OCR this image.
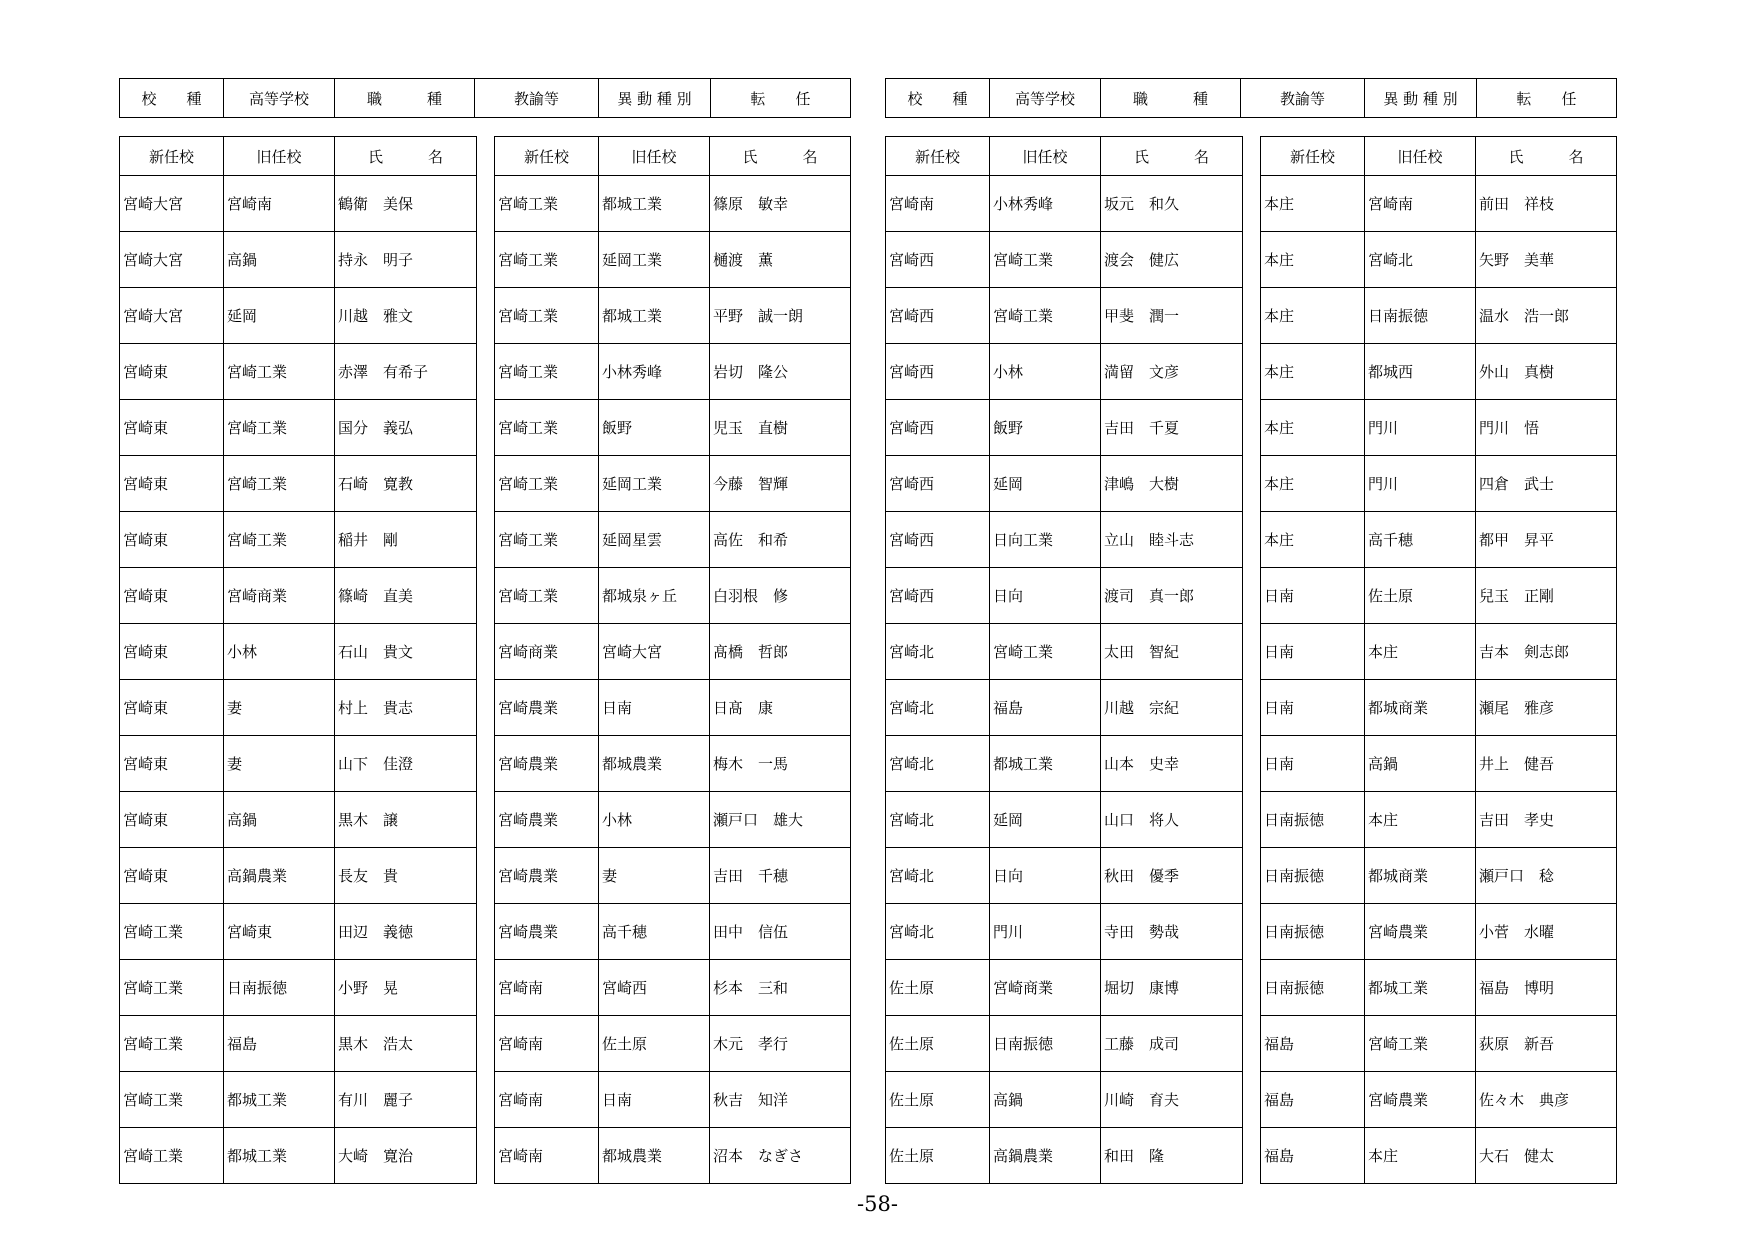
校　　種	高等学校	職　　　種	教諭等	異 動 種 別	転　　任	校　　種	高等学校	職　　　種	教諭等	異 動 種 別	転　　任
新任校	旧任校	氏　　　名
宮崎大宮	宮崎南	鶴衛　美保
宮崎大宮	高鍋	持永　明子
宮崎大宮	延岡	川越　雅文
宮崎東	宮崎工業	赤澤　有希子
宮崎東	宮崎工業	国分　義弘
宮崎東	宮崎工業	石崎　寛教
宮崎東	宮崎工業	稲井　剛
宮崎東	宮崎商業	篠崎　直美
宮崎東	小林	石山　貴文
宮崎東	妻	村上　貴志
宮崎東	妻	山下　佳澄
宮崎東	高鍋	黒木　譲
宮崎東	高鍋農業	長友　貴
宮崎工業	宮崎東	田辺　義徳
宮崎工業	日南振徳	小野　晃
宮崎工業	福島	黒木　浩太
宮崎工業	都城工業	有川　麗子
宮崎工業	都城工業	大崎　寛治
新任校	旧任校	氏　　　名
宮崎工業	都城工業	篠原　敏幸
宮崎工業	延岡工業	樋渡　薫
宮崎工業	都城工業	平野　誠一朗
宮崎工業	小林秀峰	岩切　隆公
宮崎工業	飯野	児玉　直樹
宮崎工業	延岡工業	今藤　智輝
宮崎工業	延岡星雲	高佐　和希
宮崎工業	都城泉ヶ丘	白羽根　修
宮崎商業	宮崎大宮	髙橋　哲郎
宮崎農業	日南	日髙　康
宮崎農業	都城農業	梅木　一馬
宮崎農業	小林	瀬戸口　雄大
宮崎農業	妻	吉田　千穂
宮崎農業	高千穂	田中　信伍
宮崎南	宮崎西	杉本　三和
宮崎南	佐土原	木元　孝行
宮崎南	日南	秋吉　知洋
宮崎南	都城農業	沼本　なぎさ
新任校	旧任校	氏　　　名
宮崎南	小林秀峰	坂元　和久
宮崎西	宮崎工業	渡会　健広
宮崎西	宮崎工業	甲斐　潤一
宮崎西	小林	満留　文彦
宮崎西	飯野	吉田　千夏
宮崎西	延岡	津嶋　大樹
宮崎西	日向工業	立山　睦斗志
宮崎西	日向	渡司　真一郎
宮崎北	宮崎工業	太田　智紀
宮崎北	福島	川越　宗紀
宮崎北	都城工業	山本　史幸
宮崎北	延岡	山口　将人
宮崎北	日向	秋田　優季
宮崎北	門川	寺田　勢哉
佐土原	宮崎商業	堀切　康博
佐土原	日南振徳	工藤　成司
佐土原	高鍋	川崎　育夫
佐土原	高鍋農業	和田　隆
新任校	旧任校	氏　　　名
本庄	宮崎南	前田　祥枝
本庄	宮崎北	矢野　美華
本庄	日南振徳	温水　浩一郎
本庄	都城西	外山　真樹
本庄	門川	門川　悟
本庄	門川	四倉　武士
本庄	高千穂	都甲　昇平
日南	佐土原	兒玉　正剛
日南	本庄	吉本　剣志郎
日南	都城商業	瀬尾　雅彦
日南	高鍋	井上　健吾
日南振徳	本庄	吉田　孝史
日南振徳	都城商業	瀬戸口　稔
日南振徳	宮崎農業	小菅　水曜
日南振徳	都城工業	福島　博明
福島	宮崎工業	荻原　新吾
福島	宮崎農業	佐々木　典彦
福島	本庄	大石　健太
-58-
